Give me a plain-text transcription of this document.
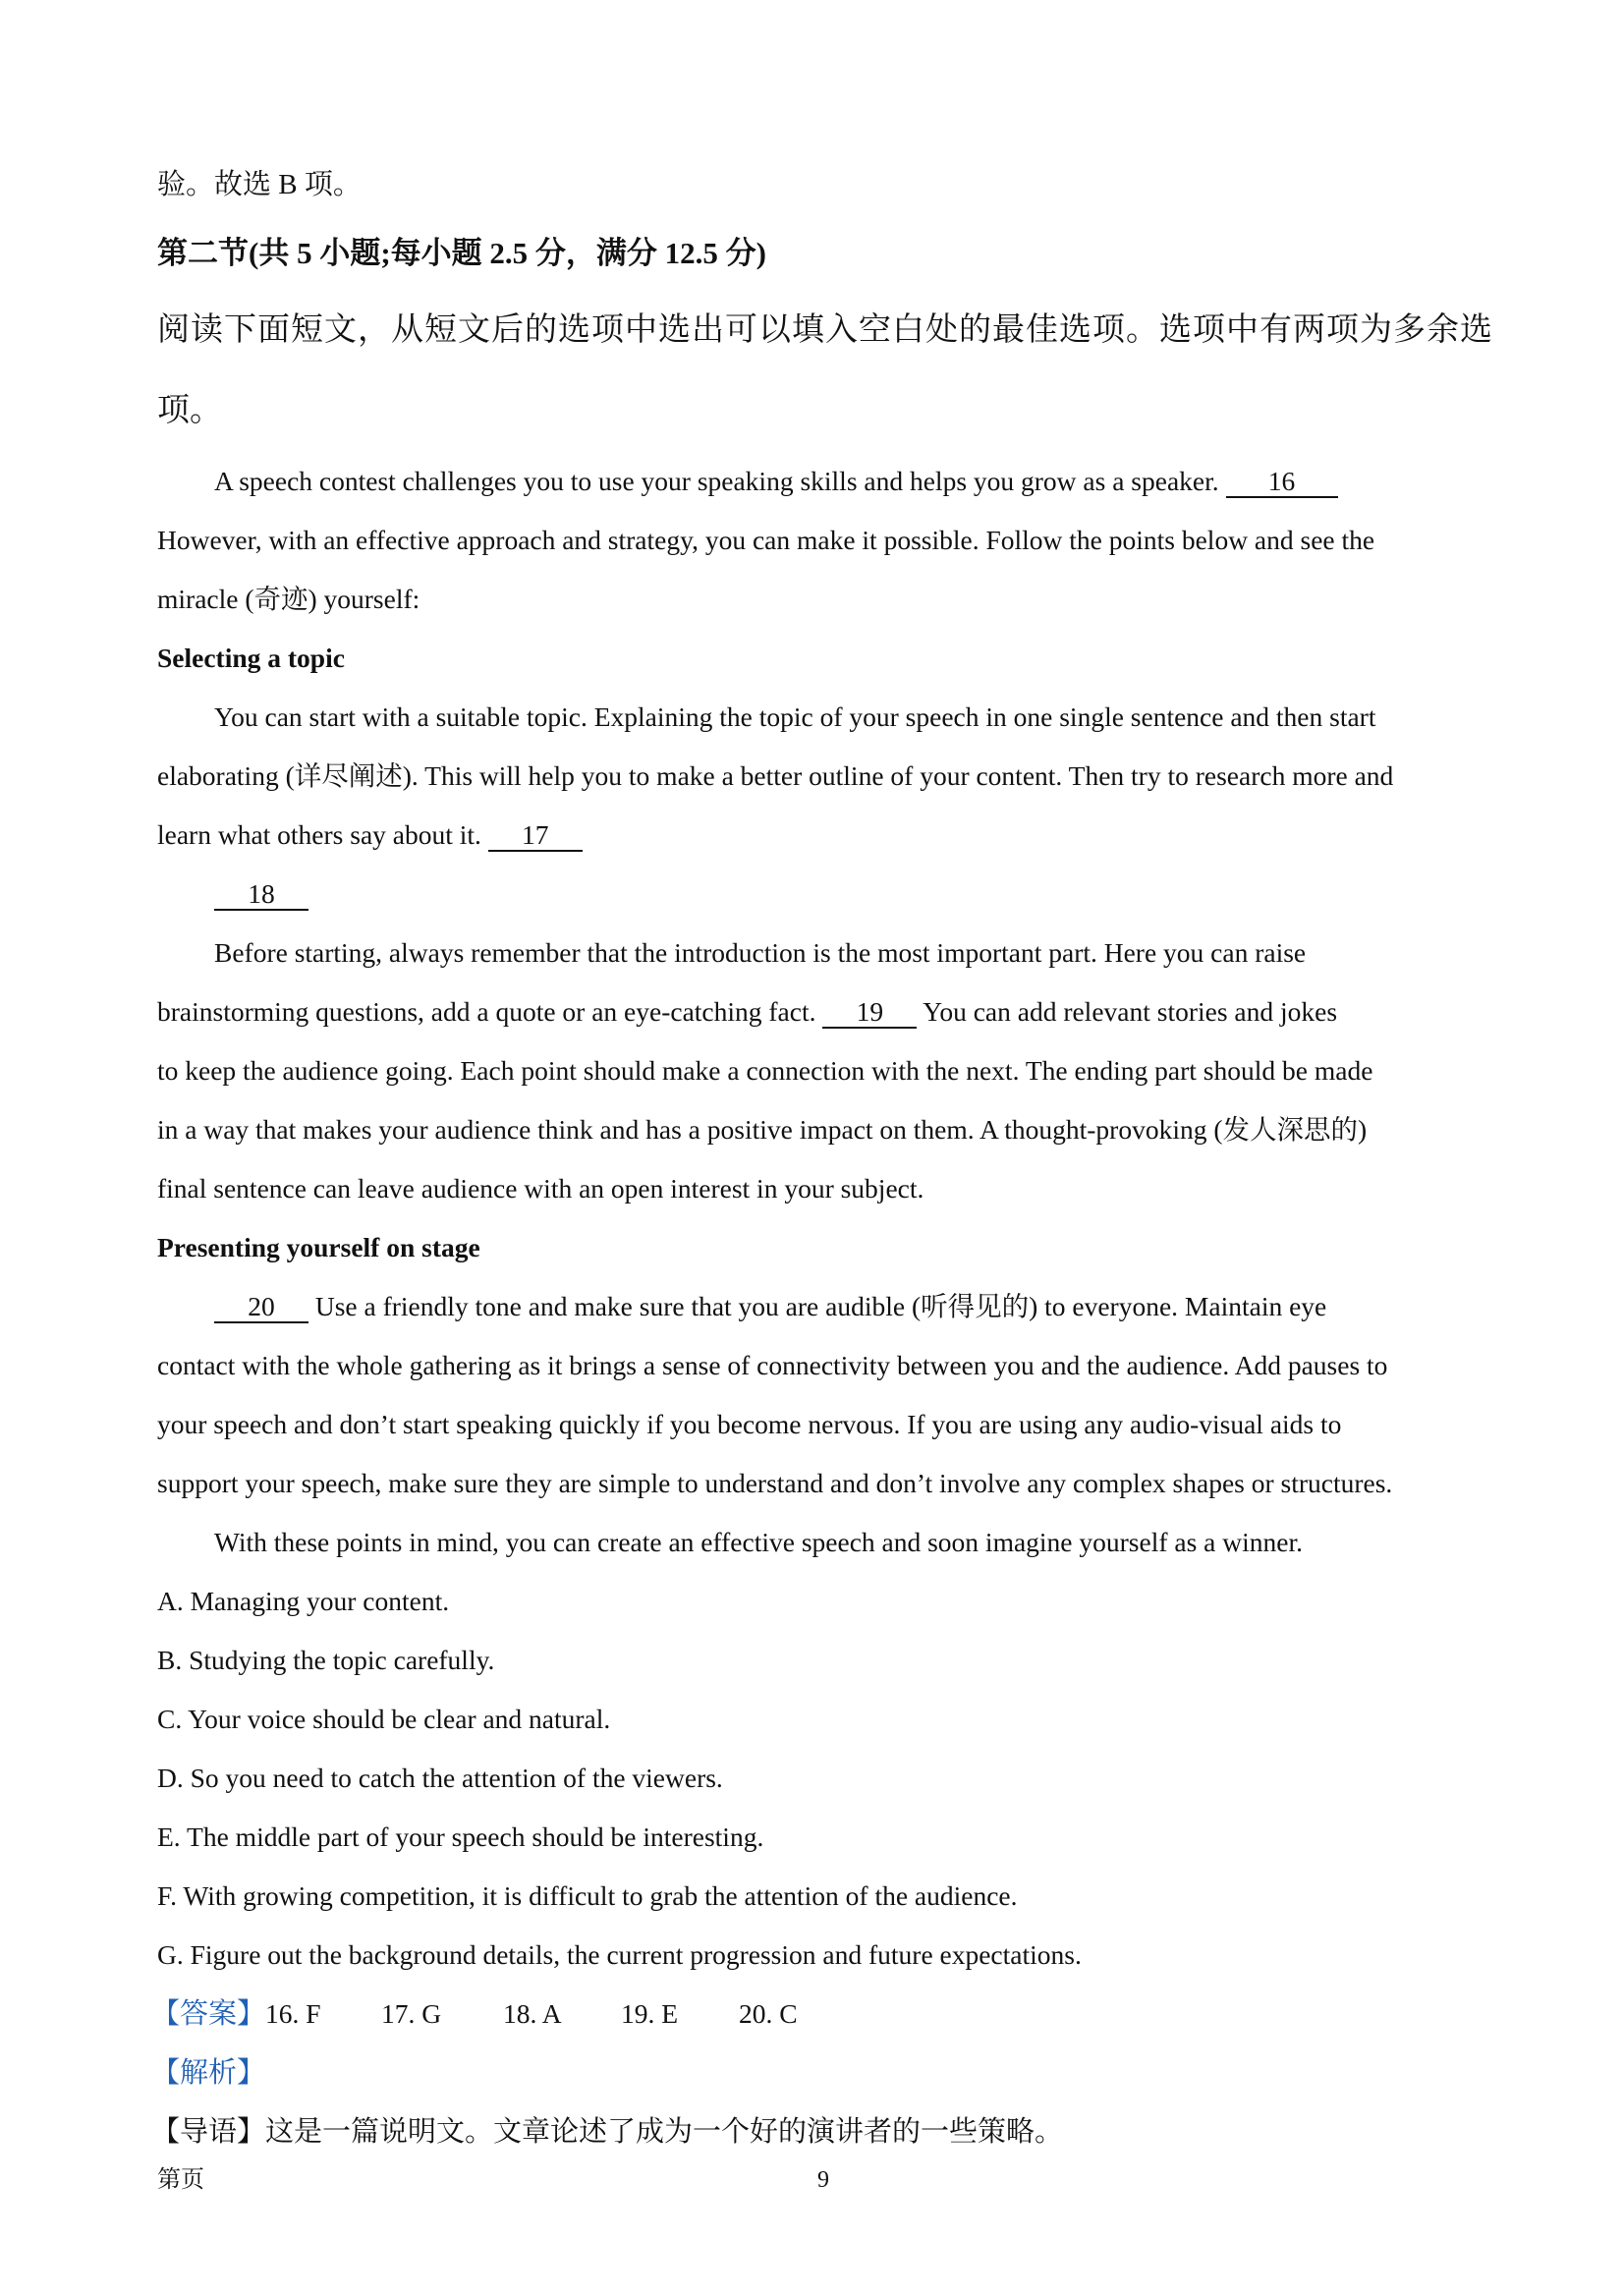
验。故选 B 项。

第二节(共 5 小题;每小题 2.5 分，满分 12.5 分)

阅读下面短文，从短文后的选项中选出可以填入空白处的最佳选项。选项中有两项为多余选

项。

A speech contest challenges you to use your speaking skills and helps you grow as a speaker. 16

However, with an effective approach and strategy, you can make it possible. Follow the points below and see the

miracle (奇迹) yourself:

Selecting a topic

You can start with a suitable topic. Explaining the topic of your speech in one single sentence and then start

elaborating (详尽阐述). This will help you to make a better outline of your content. Then try to research more and

learn what others say about it. 17

18

Before starting, always remember that the introduction is the most important part. Here you can raise

brainstorming questions, add a quote or an eye-catching fact. 19 You can add relevant stories and jokes

to keep the audience going. Each point should make a connection with the next. The ending part should be made

in a way that makes your audience think and has a positive impact on them. A thought-provoking (发人深思的)

final sentence can leave audience with an open interest in your subject.

Presenting yourself on stage

20 Use a friendly tone and make sure that you are audible (听得见的) to everyone. Maintain eye

contact with the whole gathering as it brings a sense of connectivity between you and the audience. Add pauses to

your speech and don’t start speaking quickly if you become nervous. If you are using any audio-visual aids to

support your speech, make sure they are simple to understand and don’t involve any complex shapes or structures.

With these points in mind, you can create an effective speech and soon imagine yourself as a winner.

A. Managing your content.

B. Studying the topic carefully.

C. Your voice should be clear and natural.

D. So you need to catch the attention of the viewers.

E. The middle part of your speech should be interesting.

F. With growing competition, it is difficult to grab the attention of the audience.

G. Figure out the background details, the current progression and future expectations.

【答案】16. F 17. G 18. A 19. E 20. C

【解析】

【导语】这是一篇说明文。文章论述了成为一个好的演讲者的一些策略。

第页	9
